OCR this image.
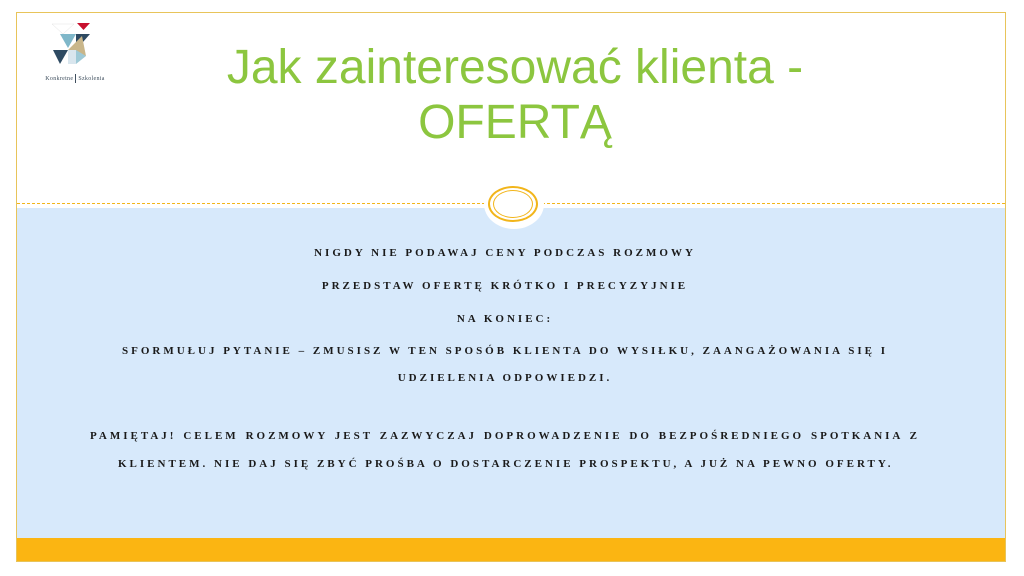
Konkretne Szkolenia	Jak zainteresować klienta -
OFERTĄ
NIGDY NIE PODAWAJ CENY PODCZAS ROZMOWY
PRZEDSTAW OFERTĘ KRÓTKO I PRECYZYJNIE
NA KONIEC:
SFORMUŁUJ PYTANIE – ZMUSISZ W TEN SPOSÓB KLIENTA DO WYSIŁKU, ZAANGAŻOWANIA SIĘ I UDZIELENIA ODPOWIEDZI.
PAMIĘTAJ! CELEM ROZMOWY JEST ZAZWYCZAJ DOPROWADZENIE DO BEZPOŚREDNIEGO SPOTKANIA Z KLIENTEM. NIE DAJ SIĘ ZBYĆ PROŚBA O DOSTARCZENIE PROSPEKTU, A JUŻ NA PEWNO OFERTY.
